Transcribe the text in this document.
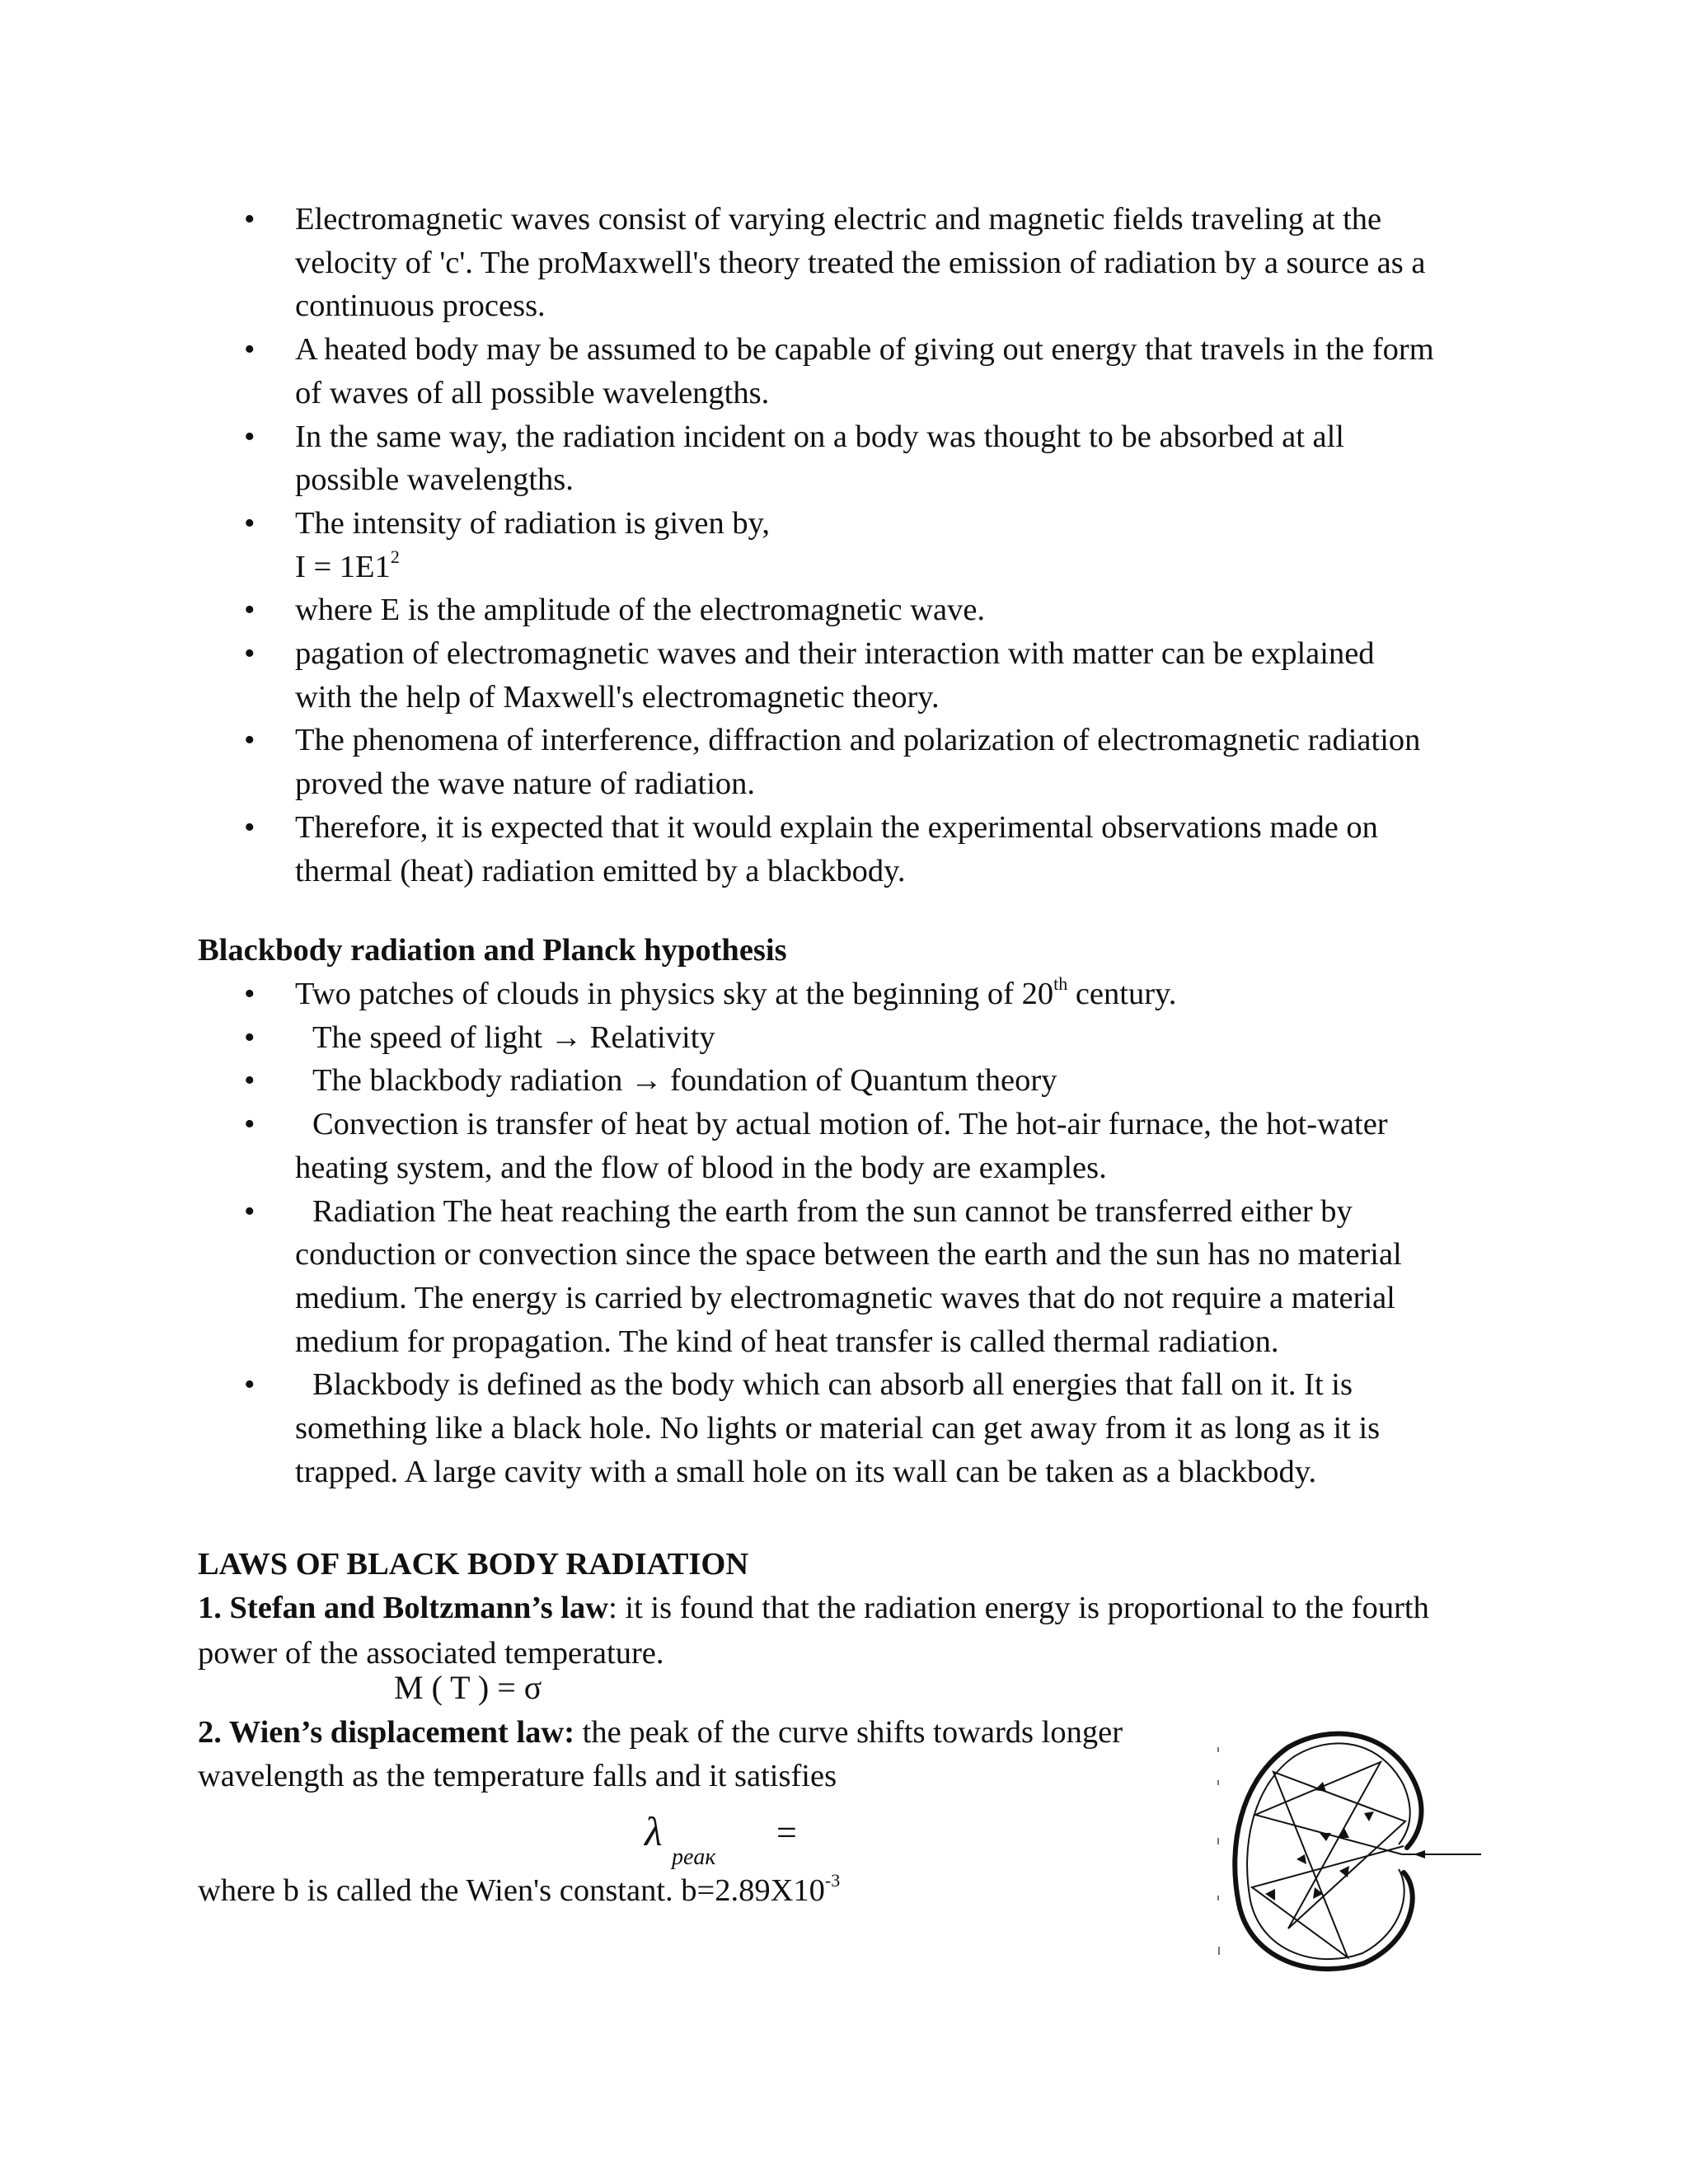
• Electromagnetic waves consist of varying electric and magnetic fields traveling at the
velocity of 'c'. The proMaxwell's theory treated the emission of radiation by a source as a
continuous process.
• A heated body may be assumed to be capable of giving out energy that travels in the form
of waves of all possible wavelengths.
• In the same way, the radiation incident on a body was thought to be absorbed at all
possible wavelengths.
• The intensity of radiation is given by,
$I = 1E1^2$
• where E is the amplitude of the electromagnetic wave.
• pagation of electromagnetic waves and their interaction with matter can be explained
with the help of Maxwell's electromagnetic theory.
• The phenomena of interference, diffraction and polarization of electromagnetic radiation
proved the wave nature of radiation.
• Therefore, it is expected that it would explain the experimental observations made on
thermal (heat) radiation emitted by a blackbody.
Blackbody radiation and Planck hypothesis
• Two patches of clouds in physics sky at the beginning of 20th century.
•	The speed of light → Relativity
•	The blackbody radiation → foundation of Quantum theory
•	Convection is transfer of heat by actual motion of. The hot-air furnace, the hot-water
heating system, and the flow of blood in the body are examples.
•	Radiation The heat reaching the earth from the sun cannot be transferred either by
conduction or convection since the space between the earth and the sun has no material
medium. The energy is carried by electromagnetic waves that do not require a material
medium for propagation. The kind of heat transfer is called thermal radiation.
•	Blackbody is defined as the body which can absorb all energies that fall on it. It is
something like a black hole. No lights or material can get away from it as long as it is
trapped. A large cavity with a small hole on its wall can be taken as a blackbody.
LAWS OF BLACK BODY RADIATION
1. Stefan and Boltzmann’s law: it is found that the radiation energy is proportional to the fourth
power of the associated temperature.
M ( T ) = σ
2. Wien’s displacement law: the peak of the curve shifts towards longer
wavelength as the temperature falls and it satisfies
λ
peaк
=
where b is called the Wien's constant. $b=2.89X10^{-3}$
